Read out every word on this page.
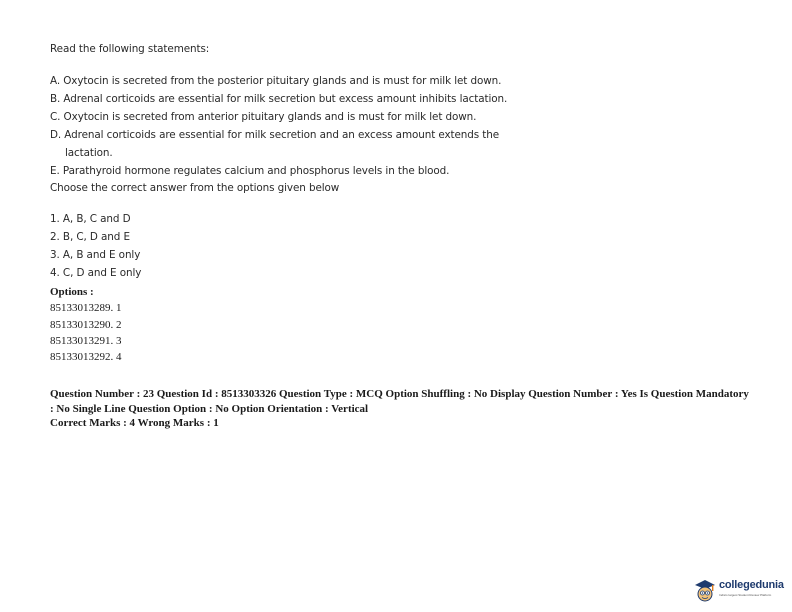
Read the following statements:
A. Oxytocin is secreted from the posterior pituitary glands and is must for milk let down.
B. Adrenal corticoids are essential for milk secretion but excess amount inhibits lactation.
C. Oxytocin is secreted from anterior pituitary glands and is must for milk let down.
D. Adrenal corticoids are essential for milk secretion and an excess amount extends the
lactation.
E. Parathyroid hormone regulates calcium and phosphorus levels in the blood.
Choose the correct answer from the options given below
1. A, B, C and D
2. B, C, D and E
3. A, B and E only
4. C, D and E only
Options :
85133013289. 1
85133013290. 2
85133013291. 3
85133013292. 4
Question Number : 23 Question Id : 8513303326 Question Type : MCQ Option Shuffling : No Display Question Number : Yes Is Question Mandatory : No Single Line Question Option : No Option Orientation : Vertical
Correct Marks : 4 Wrong Marks : 1
collegedunia
India's largest Student Review Platform
